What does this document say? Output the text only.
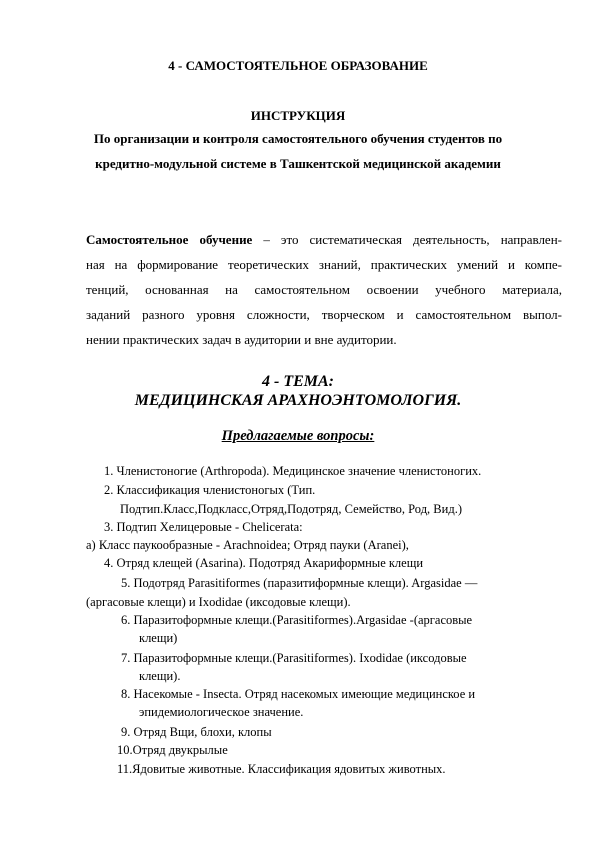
4 - САМОСТОЯТЕЛЬНОЕ ОБРАЗОВАНИЕ
ИНСТРУКЦИЯ
По организации и контроля самостоятельного обучения студентов по
кредитно-модульной системе в Ташкентской медицинской академии
Самостоятельное обучение – это систематическая деятельность, направлен-
ная на формирование теоретических знаний, практических умений и компе-
тенций, основанная на самостоятельном освоении учебного материала,
заданий разного уровня сложности, творческом и самостоятельном выпол-
нении практических задач в аудитории и вне аудитории.
4 - ТЕМА:
МЕДИЦИНСКАЯ АРАХНОЭНТОМОЛОГИЯ.
Предлагаемые вопросы:
1. Членистоногие (Arthropoda). Медицинское значение членистоногих.
2. Классификация членистоногых (Тип.
Подтип.Класс,Подкласс,Отряд,Подотряд, Семейство, Род, Вид.)
3. Подтип Хелицеровые - Chelicerata:
а) Класс паукообразные - Arachnoidea; Отряд пауки (Aranei),
4. Отряд клещей (Asarina). Подотряд Акариформные клещи
5. Подотряд Parasitiformes (паразитиформные клещи). Argasidae —
(аргасовые клещи) и Ixodidae (иксодовые клещи).
6. Паразитоформные клещи.(Parasitiformes).Argasidae -(аргасовые
клещи)
7. Паразитоформные клещи.(Parasitiformes). Ixodidae (иксодовые
клещи).
8. Насекомые - Insecta. Отряд насекомых имеющие медицинское и
эпидемиологическое значение.
9. Отряд Вщи, блохи, клопы
10.Отряд двукрылые
11.Ядовитые животные. Классификация ядовитых животных.
